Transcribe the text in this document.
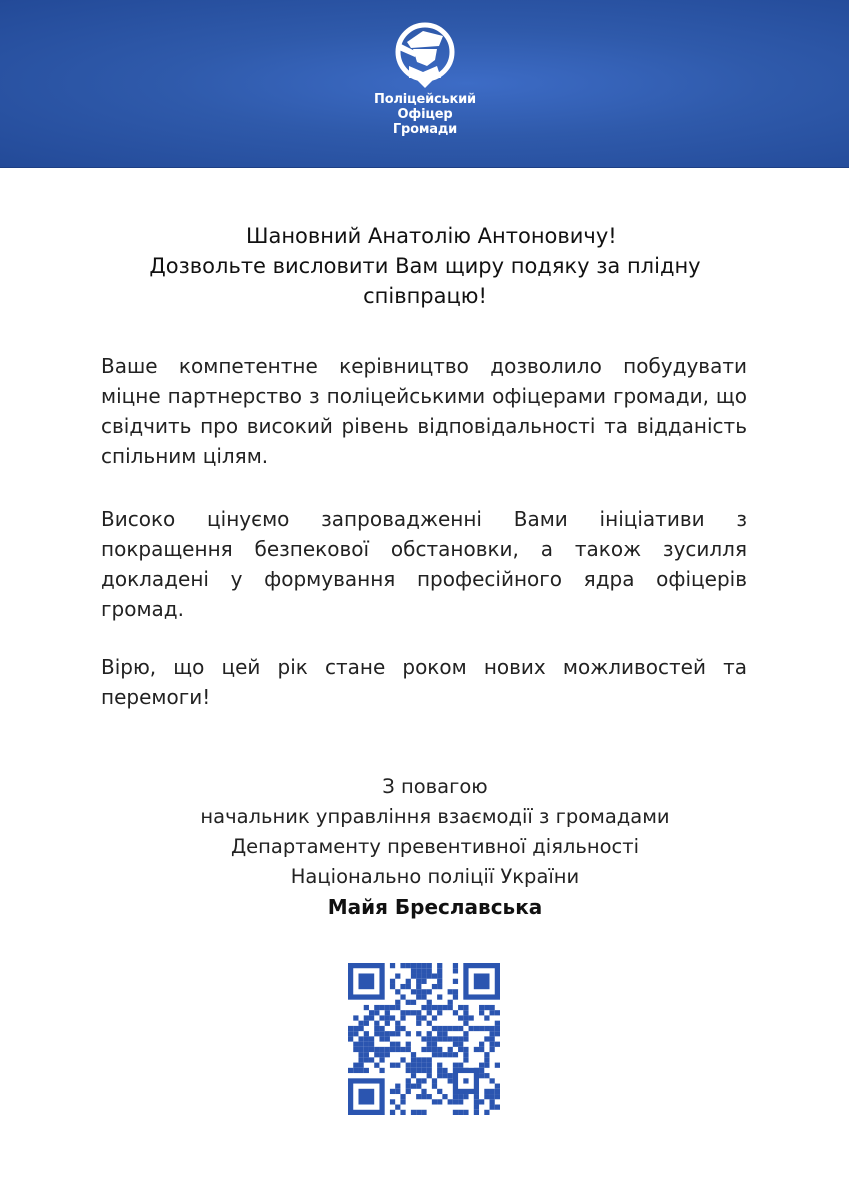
Поліцейський
Офіцер
Громади
Шановний Анатолію Антоновичу!
Дозвольте висловити Вам щиру подяку за плідну співпрацю!

Ваше компетентне керівництво дозволило побудувати міцне партнерство з поліцейськими офіцерами громади, що свідчить про високий рівень відповідальності та відданість спільним цілям.

Високо цінуємо запровадженні Вами ініціативи з покращення безпекової обстановки, а також зусилля докладені у формування професійного ядра офіцерів громад.

Вірю, що цей рік стане роком нових можливостей та перемоги!

З повагою
начальник управління взаємодії з громадами
Департаменту превентивної діяльності
Національно поліції України
Майя Бреславська
